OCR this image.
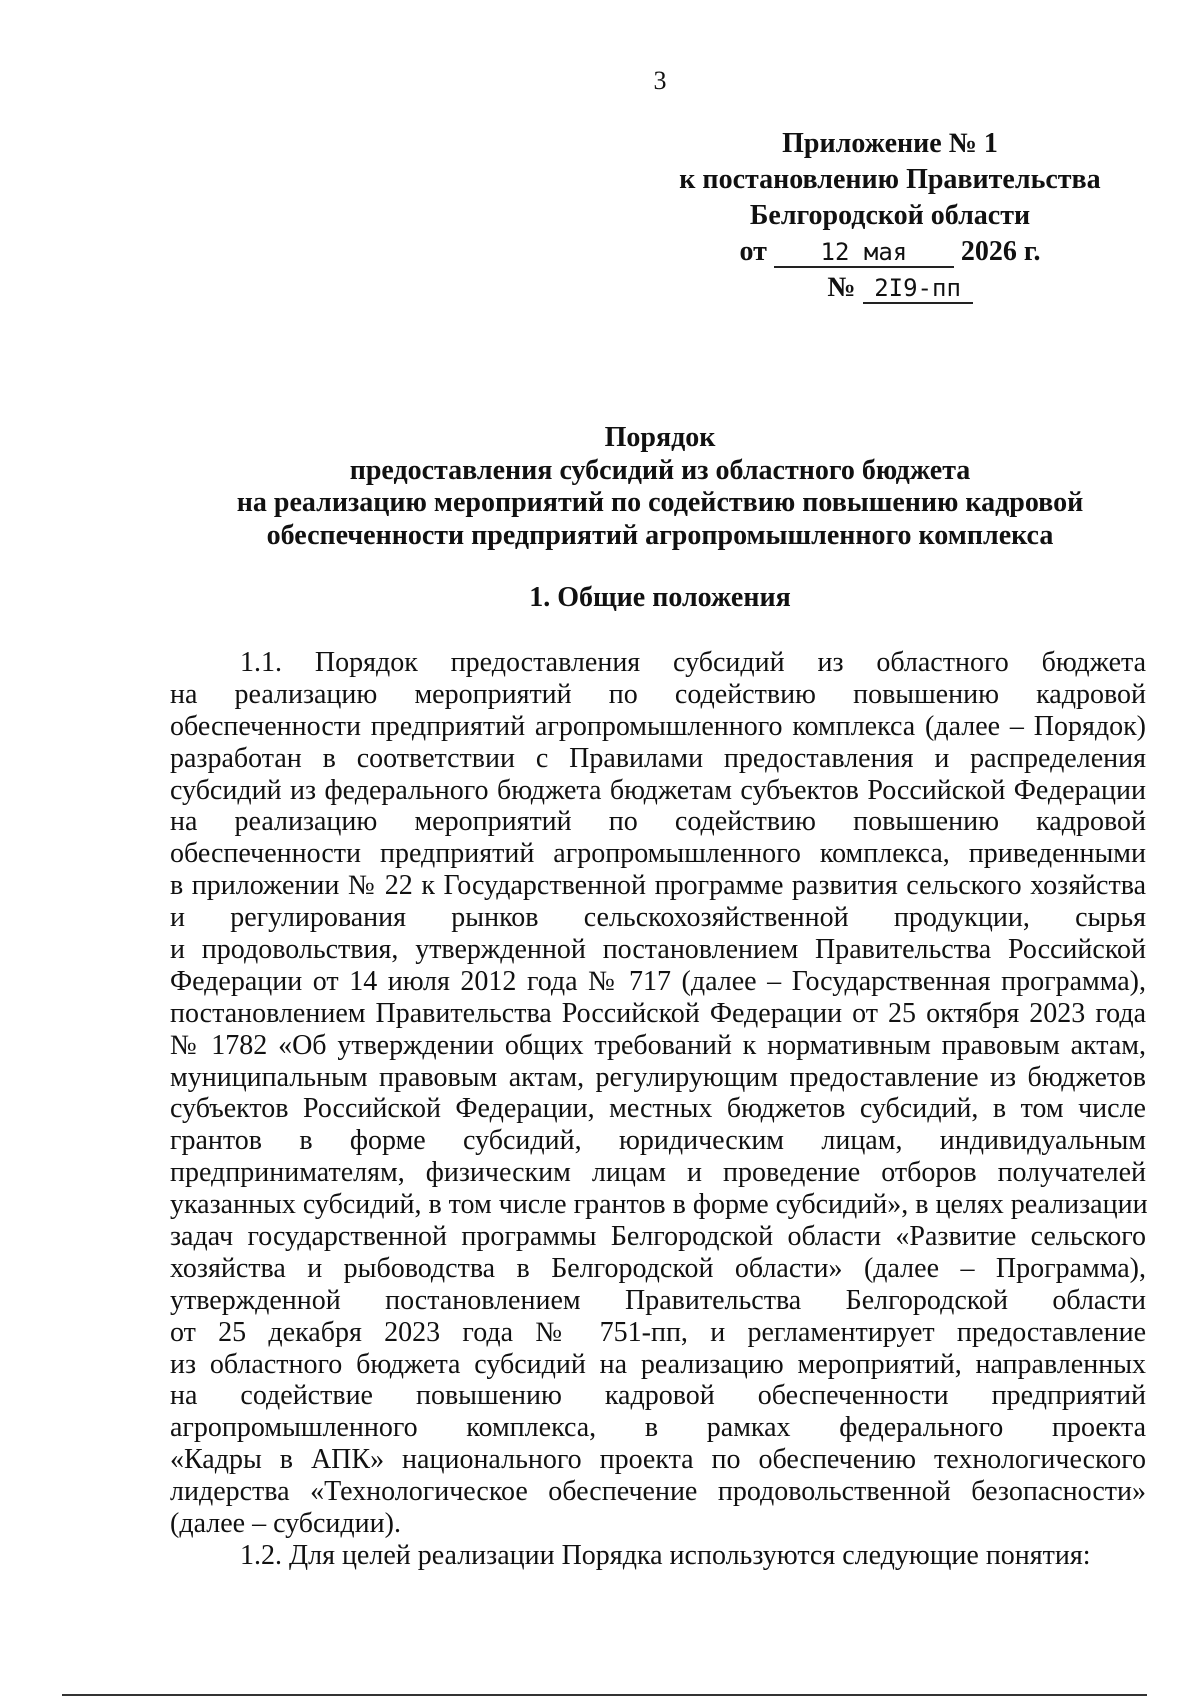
3
Приложение № 1
к постановлению Правительства
Белгородской области
от 12 мая 2026 г.
№ 2I9-пп
Порядок
предоставления субсидий из областного бюджета
на реализацию мероприятий по содействию повышению кадровой
обеспеченности предприятий агропромышленного комплекса
1. Общие положения
1.1. Порядок предоставления субсидий из областного бюджета
на реализацию мероприятий по содействию повышению кадровой
обеспеченности предприятий агропромышленного комплекса (далее – Порядок)
разработан в соответствии с Правилами предоставления и распределения
субсидий из федерального бюджета бюджетам субъектов Российской Федерации
на реализацию мероприятий по содействию повышению кадровой
обеспеченности предприятий агропромышленного комплекса, приведенными
в приложении № 22 к Государственной программе развития сельского хозяйства
и регулирования рынков сельскохозяйственной продукции, сырья
и продовольствия, утвержденной постановлением Правительства Российской
Федерации от 14 июля 2012 года № 717 (далее – Государственная программа),
постановлением Правительства Российской Федерации от 25 октября 2023 года
№ 1782 «Об утверждении общих требований к нормативным правовым актам,
муниципальным правовым актам, регулирующим предоставление из бюджетов
субъектов Российской Федерации, местных бюджетов субсидий, в том числе
грантов в форме субсидий, юридическим лицам, индивидуальным
предпринимателям, физическим лицам и проведение отборов получателей
указанных субсидий, в том числе грантов в форме субсидий», в целях реализации
задач государственной программы Белгородской области «Развитие сельского
хозяйства и рыбоводства в Белгородской области» (далее – Программа),
утвержденной постановлением Правительства Белгородской области
от 25 декабря 2023 года № 751-пп, и регламентирует предоставление
из областного бюджета субсидий на реализацию мероприятий, направленных
на содействие повышению кадровой обеспеченности предприятий
агропромышленного комплекса, в рамках федерального проекта
«Кадры в АПК» национального проекта по обеспечению технологического
лидерства «Технологическое обеспечение продовольственной безопасности»
(далее – субсидии).
1.2. Для целей реализации Порядка используются следующие понятия:
